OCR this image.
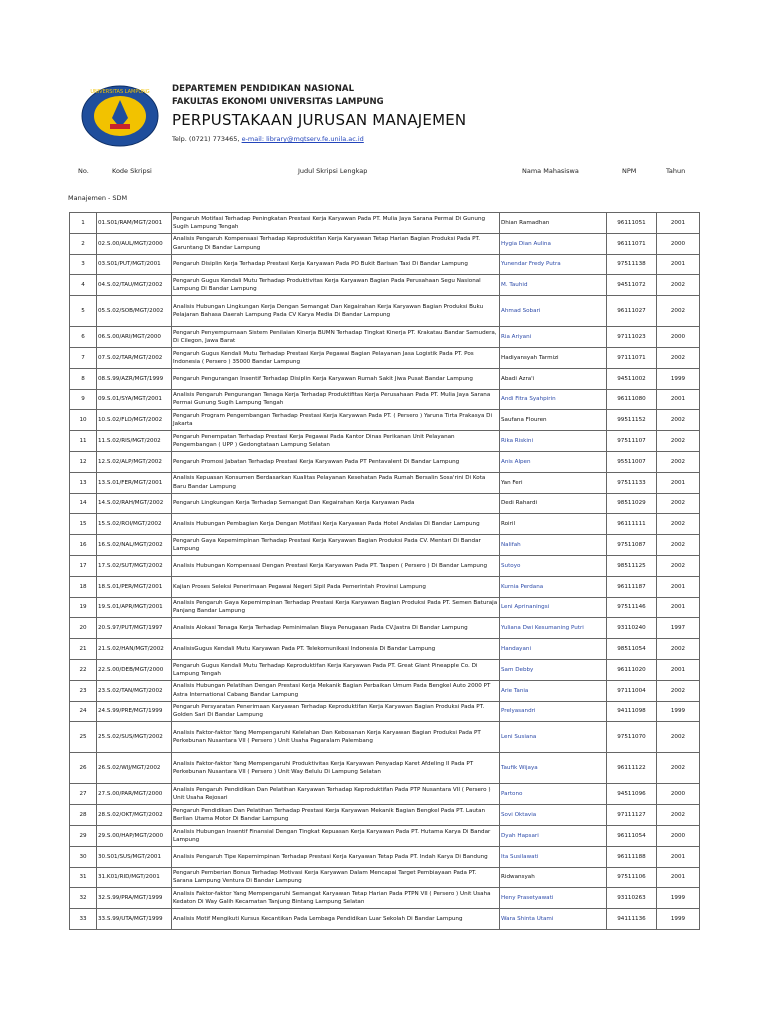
UNIVERSITAS LAMPUNG	DEPARTEMEN PENDIDIKAN NASIONAL
FAKULTAS EKONOMI UNIVERSITAS LAMPUNG
PERPUSTAKAAN JURUSAN MANAJEMEN
Telp. (0721) 773465, e-mail: library@mgtserv.fe.unila.ac.id
No.	Kode Skripsi	Judul Skripsi Lengkap	Nama Mahasiswa	NPM	Tahun
Manajemen - SDM
1	01.S01/RAM/MGT/2001	Pengaruh Motifasi Terhadap Peningkatan Prestasi Kerja Karyawan Pada PT. Mulia Jaya Sarana Permai Di Gunung Sugih Lampung Tengah	Dhian Ramadhan	96111051	2001
2	02.S.00/AUL/MGT/2000	Analisis Pengaruh Kompensasi Terhadap Keproduktifan Kerja Karyawan Tetap Harian Bagian Produksi Pada PT. Garuntang Di Bandar Lampung	Hygia Dian Aulina	96111071	2000
3	03.S01/PUT/MGT/2001	Pengaruh Disiplin Kerja Terhadap Prestasi Kerja Karyawan Pada PO Bukit Barisan Taxi Di Bandar Lampung	Yunendar Fredy Putra	97511138	2001
4	04.S.02/TAU/MGT/2002	Pengaruh Gugus Kendali Mutu Terhadap Produktivitas Kerja Karyawan Bagian Pada Perusahaan Segu Nasional Lampung Di Bandar Lampung	M. Tauhid	94511072	2002
5	05.S.02/SOB/MGT/2002	Analisis Hubungan Lingkungan Kerja Dengan Semangat Dan Kegairahan Kerja Karyawan Bagian Produksi Buku Pelajaran Bahasa Daerah Lampung Pada CV Karya Media Di Bandar Lampung	Ahmad Sobari	96111027	2002
6	06.S.00/ARI/MGT/2000	Pengaruh Penyempurnaan Sistem Penilaian Kinerja BUMN Terhadap Tingkat Kinerja PT. Krakatau Bandar Samudera, Di Cilegon, Jawa Barat	Ria Ariyani	97111023	2000
7	07.S.02/TAR/MGT/2002	Pengaruh Gugus Kendali Mutu Terhadap Prestasi Kerja Pegawai Bagian Pelayanan Jasa Logistik Pada PT. Pos Indonesia ( Persero ) 35000 Bandar Lampung	Hadiyansyah Tarmizi	97111071	2002
8	08.S.99/AZR/MGT/1999	Pengaruh Pengurangan Insentif Terhadap Disiplin Kerja Karyawan Rumah Sakit Jiwa Pusat Bandar Lampung	Abadi Azra'i	94511002	1999
9	09.S.01/SYA/MGT/2001	Analisis Pengaruh Pengurangan Tenaga Kerja Terhadap Produktifitas Kerja Perusahaan Pada PT. Mulia Jaya Sarana Permai Gunung Sugih Lampung Tengah	Andi Fitra Syahpirin	96111080	2001
10	10.S.02/FLO/MGT/2002	Pengaruh Program Pengembangan Terhadap Prestasi Kerja Karyawan Pada PT. ( Persero ) Yaruna Tirta Prakasya Di Jakarta	Saufana Flouren	99511152	2002
11	11.S.02/RIS/MGT/2002	Pengaruh Penempatan Terhadap Prestasi Kerja Pegawai Pada Kantor Dinas Perikanan Unit Pelayanan Pengembangan ( UPP ) Gedongtataan Lampung Selatan	Rika Riskini	97511107	2002
12	12.S.02/ALP/MGT/2002	Pengaruh Promosi Jabatan Terhadap Prestasi Kerja Karyawan Pada PT Pentavalent Di Bandar Lampung	Anis Alpen	95511007	2002
13	13.S.01/FER/MGT/2001	Analisis Kepuasan Konsumen Berdasarkan Kualitas Pelayanan Kesehatan Pada Rumah Bersalin Sosa'rini Di Kota Baru Bandar Lampung	Yan Feri	97511133	2001
14	14.S.02/RAH/MGT/2002	Pengaruh Lingkungan Kerja Terhadap Semangat Dan Kegairahan Kerja Karyawan Pada	Dedi Rahardi	98511029	2002
15	15.S.02/ROI/MGT/2002	Analisis Hubungan Pembagian Kerja Dengan Motifasi Kerja Karyawan Pada Hotel Andalas Di Bandar Lampung	Roiril	96111111	2002
16	16.S.02/NAL/MGT/2002	Pengaruh Gaya Kepemimpinan Terhadap Prestasi Kerja Karyawan Bagian Produksi Pada CV. Mentari Di Bandar Lampung	Nalifah	97511087	2002
17	17.S.02/SUT/MGT/2002	Analisis Hubungan Kompensasi Dengan Prestasi Kerja Karyawan Pada PT. Taspen ( Persero ) Di Bandar Lampung	Sutoyo	98511125	2002
18	18.S.01/PER/MGT/2001	Kajian Proses Seleksi Penerimaan Pegawai Negeri Sipil Pada Pemerintah Provinsi Lampung	Kurnia Perdana	96111187	2001
19	19.S.01/APR/MGT/2001	Analisis Pengaruh Gaya Kepemimpinan Terhadap Prestasi Kerja Karyawan Bagian Produksi Pada PT. Semen Baturaja Panjang Bandar Lampung	Leni Aprinaningsi	97511146	2001
20	20.S.97/PUT/MGT/1997	Analisis Alokasi Tenaga Kerja Terhadap Peminimalan Biaya Penugasan Pada CV.Jastra Di Bandar Lampung	Yuliana Dwi Kesumaning Putri	93110240	1997
21	21.S.02/HAN/MGT/2002	AnalisisGugus Kendali Mutu Karyawan Pada PT. Telekomunikasi Indonesia Di Bandar Lampung	Handayani	98511054	2002
22	22.S.00/DEB/MGT/2000	Pengaruh Gugus Kendali Mutu Terhadap Keproduktifan Kerja Karyawan Pada PT. Great Giant Pineapple Co. Di Lampung Tengah	Sam Debby	96111020	2001
23	23.S.02/TAN/MGT/2002	Analisis Hubungan Pelatihan Dengan Prestasi Kerja Mekanik Bagian Perbaikan Umum Pada Bengkel Auto 2000 PT Astra International Cabang Bandar Lampung	Arie Tania	97111004	2002
24	24.S.99/PRE/MGT/1999	Pengaruh Persyaratan Penerimaan Karyawan Terhadap Keproduktifan Kerja Karyawan Bagian Produksi Pada PT. Golden Sari Di Bandar Lampung	Prelyasandri	94111098	1999
25	25.S.02/SUS/MGT/2002	Analisis Faktor-faktor Yang Mempengaruhi Kelelahan Dan Kebosanan Kerja Karyawan Bagian Produksi Pada PT Perkebunan Nusantara VII ( Persero ) Unit Usaha Pagaralam Palembang	Leni Susiana	97511070	2002
26	26.S.02/WIJ/MGT/2002	Analisis Faktor-faktor Yang Mempengaruhi Produktivitas Kerja Karyawan Penyadap Karet Afdeling II Pada PT Perkebunan Nusantara VII ( Persero ) Unit Way Belulu Di Lampung Selatan	Taufik Wijaya	96111122	2002
27	27.S.00/PAR/MGT/2000	Analisis Pengaruh Pendidikan Dan Pelatihan Karyawan Terhadap Keproduktifan Pada PTP Nusantara VII ( Persero ) Unit Usaha Rejosari	Partono	94511096	2000
28	28.S.02/OKT/MGT/2002	Pengaruh Pendidikan Dan Pelatihan Terhadap Prestasi Kerja Karyawan Mekanik Bagian Bengkel Pada PT. Lautan Berlian Utama Motor Di Bandar Lampung	Sovi Oktavia	97111127	2002
29	29.S.00/HAP/MGT/2000	Analisis Hubungan Insentif Finansial Dengan Tingkat Kepuasan Kerja Karyawan Pada PT. Hutama Karya Di Bandar Lampung	Dyah Hapsari	96111054	2000
30	30.S01/SUS/MGT/2001	Analisis Pengaruh Tipe Kepemimpinan Terhadap Prestasi Kerja Karyawan Tetap Pada PT. Indah Karya Di Bandung	Ita Susilawati	96111188	2001
31	31.K01/RID/MGT/2001	Pengaruh Pemberian Bonus Terhadap Motivasi Kerja Karyawan Dalam Mencapai Target Pembiayaan Pada PT. Sarana Lampung Ventura Di Bandar Lampung	Ridwansyah	97511106	2001
32	32.S.99/PRA/MGT/1999	Analisis Faktor-faktor Yang Mempengaruhi Semangat Karyawan Tetap Harian Pada PTPN VII ( Persero ) Unit Usaha Kedaton Di Way Galih Kecamatan Tanjung Bintang Lampung Selatan	Heny Prasetyawati	93110263	1999
33	33.S.99/UTA/MGT/1999	Analisis Motif Mengikuti Kursus Kecantikan Pada Lembaga Pendidikan Luar Sekolah Di Bandar Lampung	Wara Shinta Utami	94111136	1999
